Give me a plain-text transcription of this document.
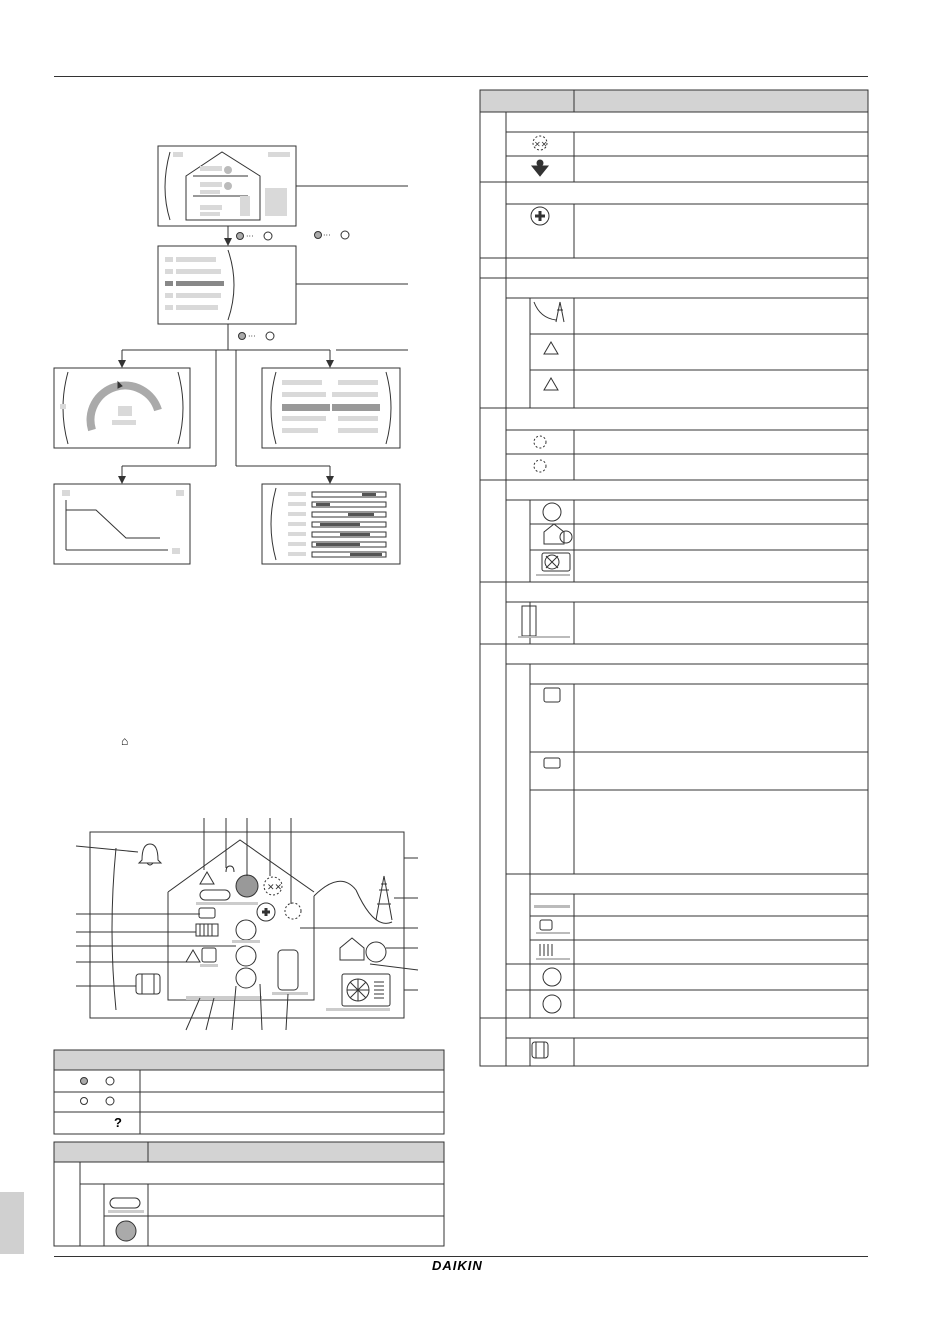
DAIKIN
···	···
···
✕✕
✕✕
?
⌂
